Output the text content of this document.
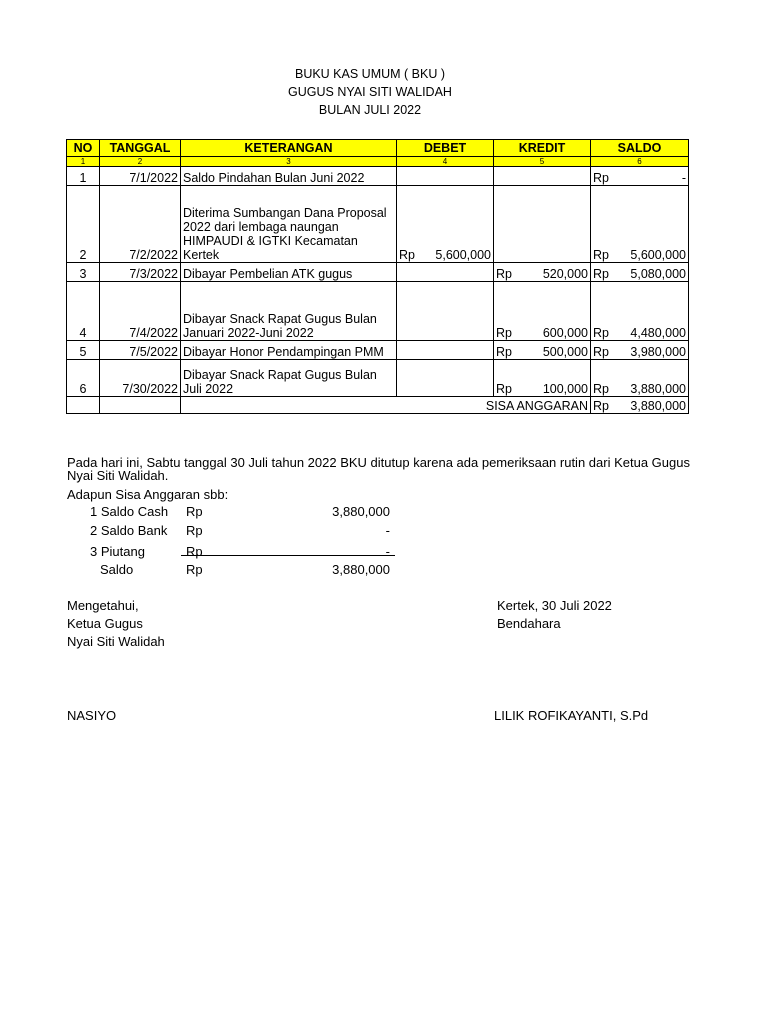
BUKU KAS UMUM ( BKU )
GUGUS NYAI SITI WALIDAH
BULAN JULI 2022
NO	TANGGAL	KETERANGAN	DEBET	KREDIT	SALDO
1	2	3	4	5	6
1	7/1/2022	Saldo Pindahan Bulan Juni 2022			Rp -

2	7/2/2022	Diterima Sumbangan Dana Proposal 2022 dari lembaga naungan HIMPAUDI & IGTKI Kecamatan Kertek	Rp 5,600,000		Rp 5,600,000

3	7/3/2022	Dibayar Pembelian ATK gugus		Rp 520,000	Rp 5,080,000

4	7/4/2022	Dibayar Snack Rapat Gugus Bulan Januari 2022-Juni 2022		Rp 600,000	Rp 4,480,000

5	7/5/2022	Dibayar Honor Pendampingan PMM		Rp 500,000	Rp 3,980,000

6	7/30/2022	Dibayar Snack Rapat Gugus Bulan Juli 2022		Rp 100,000	Rp 3,880,000

		SISA ANGGARAN			Rp 3,880,000
Pada hari ini, Sabtu tanggal 30 Juli tahun 2022 BKU ditutup karena ada pemeriksaan rutin dari Ketua Gugus Nyai Siti Walidah.
Adapun Sisa Anggaran sbb:
1 Saldo Cash Rp	3,880,000
2 Saldo Bank Rp	-
3 Piutang	Rp	-
Saldo	Rp	3,880,000
Mengetahui,
Ketua Gugus
Nyai Siti Walidah
NASIYO
Kertek, 30 Juli 2022
Bendahara
LILIK ROFIKAYANTI, S.Pd
